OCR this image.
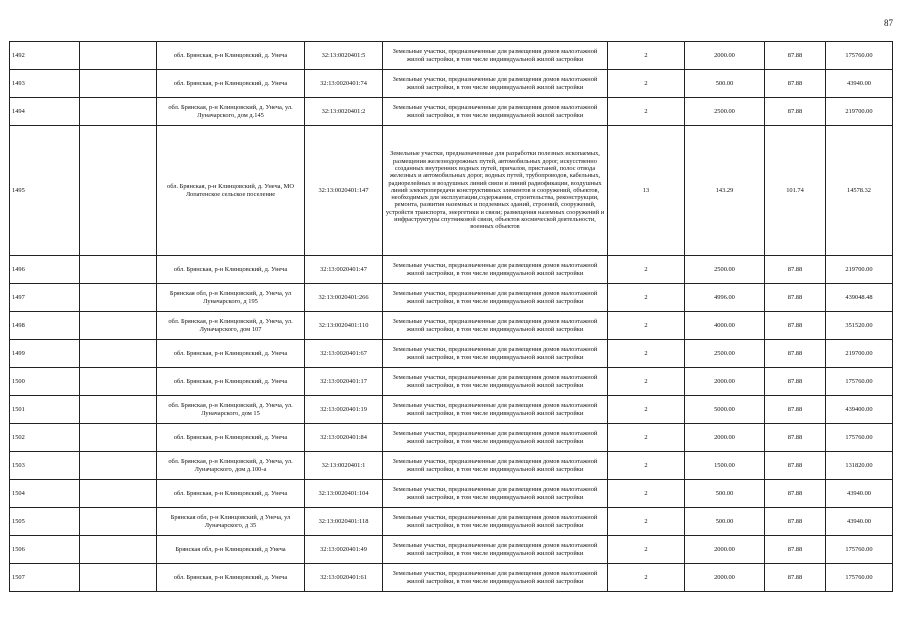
87
1492		обл. Брянская, р-н Клинцовский, д. Унеча	32:13:0020401:5	Земельные участки, предназначенные для размещения домов малоэтажной жилой застройки, в том числе индивидуальной жилой застройки	2	2000.00	87.88	175760.00
1493		обл. Брянская, р-н Клинцовский, д. Унеча	32:13:0020401:74	Земельные участки, предназначенные для размещения домов малоэтажной жилой застройки, в том числе индивидуальной жилой застройки	2	500.00	87.88	43940.00
1494		обл. Брянская, р-н Клинцовский, д. Унеча, ул. Луначарского, дом д.145	32:13:0020401:2	Земельные участки, предназначенные для размещения домов малоэтажной жилой застройки, в том числе индивидуальной жилой застройки	2	2500.00	87.88	219700.00
1495		обл. Брянская, р-н Клинцовский, д. Унеча, МО Лопатенское сельское поселение	32:13:0020401:147	Земельные участки, предназначенные для разработки полезных ископаемых, размещения железнодорожных путей, автомобильных дорог, искусственно созданных внутренних водных путей, причалов, пристаней, полос отвода железных и автомобильных дорог, водных путей, трубопроводов, кабельных, радиорелейных и воздушных линий связи и линий радиофикации, воздушных линий электропередачи конструктивных элементов и сооружений, объектов, необходимых для эксплуатации,содержания, строительства, реконструкции, ремонта, развития наземных и подземных зданий, строений, сооружений, устройств транспорта, энергетики и связи; размещения наземных сооружений и инфраструктуры спутниковой связи, объектов космической деятельности, военных объектов	13	143.29	101.74	14578.32
1496		обл. Брянская, р-н Клинцовский, д. Унеча	32:13:0020401:47	Земельные участки, предназначенные для размещения домов малоэтажной жилой застройки, в том числе индивидуальной жилой застройки	2	2500.00	87.88	219700.00
1497		Брянская обл, р-н Клинцовский, д. Унеча, ул Луначарского, д 195	32:13:0020401:266	Земельные участки, предназначенные для размещения домов малоэтажной жилой застройки, в том числе индивидуальной жилой застройки	2	4996.00	87.88	439048.48
1498		обл. Брянская, р-н Клинцовский, д. Унеча, ул. Луначарского, дом 107	32:13:0020401:110	Земельные участки, предназначенные для размещения домов малоэтажной жилой застройки, в том числе индивидуальной жилой застройки	2	4000.00	87.88	351520.00
1499		обл. Брянская, р-н Клинцовский, д. Унеча	32:13:0020401:67	Земельные участки, предназначенные для размещения домов малоэтажной жилой застройки, в том числе индивидуальной жилой застройки	2	2500.00	87.88	219700.00
1500		обл. Брянская, р-н Клинцовский, д. Унеча	32:13:0020401:17	Земельные участки, предназначенные для размещения домов малоэтажной жилой застройки, в том числе индивидуальной жилой застройки	2	2000.00	87.88	175760.00
1501		обл. Брянская, р-н Клинцовский, д. Унеча, ул. Луначарского, дом 15	32:13:0020401:19	Земельные участки, предназначенные для размещения домов малоэтажной жилой застройки, в том числе индивидуальной жилой застройки	2	5000.00	87.88	439400.00
1502		обл. Брянская, р-н Клинцовский, д. Унеча	32:13:0020401:84	Земельные участки, предназначенные для размещения домов малоэтажной жилой застройки, в том числе индивидуальной жилой застройки	2	2000.00	87.88	175760.00
1503		обл. Брянская, р-н Клинцовский, д. Унеча, ул. Луначарского, дом д.100-а	32:13:0020401:1	Земельные участки, предназначенные для размещения домов малоэтажной жилой застройки, в том числе индивидуальной жилой застройки	2	1500.00	87.88	131820.00
1504		обл. Брянская, р-н Клинцовский, д. Унеча	32:13:0020401:104	Земельные участки, предназначенные для размещения домов малоэтажной жилой застройки, в том числе индивидуальной жилой застройки	2	500.00	87.88	43940.00
1505		Брянская обл, р-н Клинцовский, д Унеча, ул Луначарского, д 35	32:13:0020401:118	Земельные участки, предназначенные для размещения домов малоэтажной жилой застройки, в том числе индивидуальной жилой застройки	2	500.00	87.88	43940.00
1506		Брянская обл, р-н Клинцовский, д Унеча	32:13:0020401:49	Земельные участки, предназначенные для размещения домов малоэтажной жилой застройки, в том числе индивидуальной жилой застройки	2	2000.00	87.88	175760.00
1507		обл. Брянская, р-н Клинцовский, д. Унеча	32:13:0020401:61	Земельные участки, предназначенные для размещения домов малоэтажной жилой застройки, в том числе индивидуальной жилой застройки	2	2000.00	87.88	175760.00
